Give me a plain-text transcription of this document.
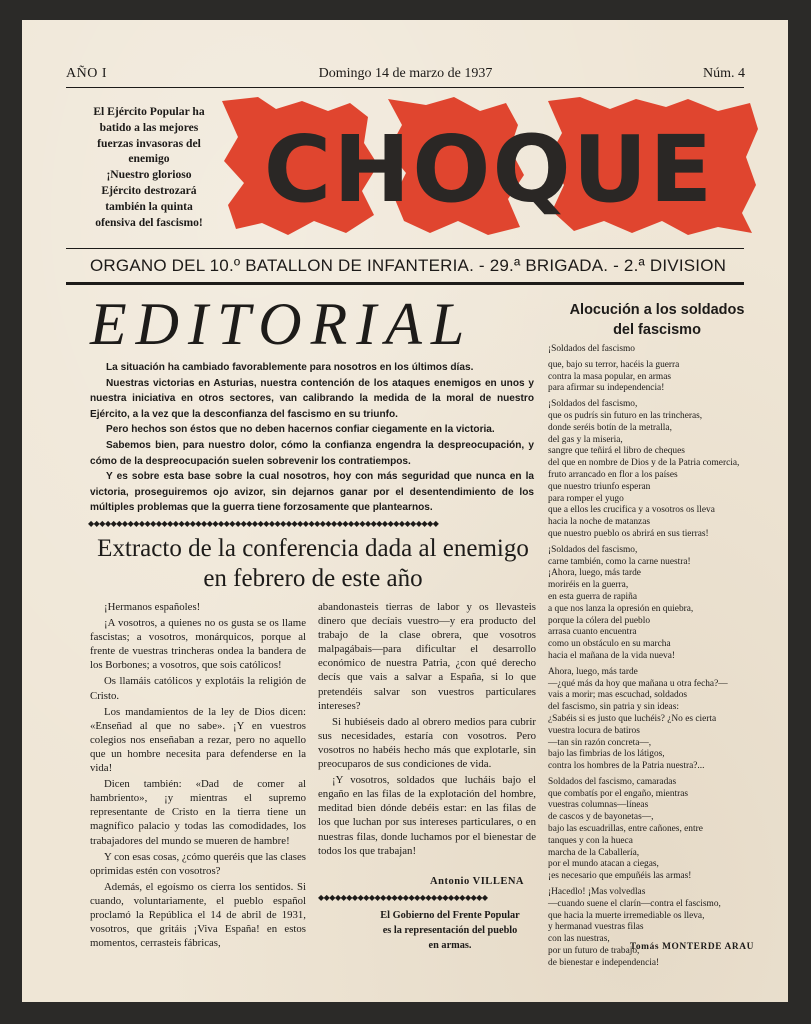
AÑO I	Domingo 14 de marzo de 1937	Núm. 4
El Ejército Popular ha
batido a las mejores
fuerzas invasoras del
enemigo
¡Nuestro glorioso
Ejército destrozará
también la quinta
ofensiva del fascismo! CHOQUE
ORGANO DEL 10.º BATALLON DE INFANTERIA. - 29.ª BRIGADA. - 2.ª DIVISION
EDITORIAL

La situación ha cambiado favorablemente para nosotros en los últimos días.

Nuestras victorias en Asturias, nuestra contención de los ataques enemigos en unos y nuestra iniciativa en otros sectores, van calibrando la medida de la moral de nuestro Ejército, a la vez que la desconfianza del fascismo en su triunfo.

Pero hechos son éstos que no deben hacernos confiar ciegamente en la victoria.

Sabemos bien, para nuestro dolor, cómo la confianza engendra la despreocupación, y cómo de la despreocupación suelen sobrevenir los contratiempos.

Y es sobre esta base sobre la cual nosotros, hoy con más seguridad que nunca en la victoria, proseguiremos ojo avizor, sin dejarnos ganar por el desentendimiento de los múltiples problemas que la guerra tiene forzosamente que plantearnos.

◆◆◆◆◆◆◆◆◆◆◆◆◆◆◆◆◆◆◆◆◆◆◆◆◆◆◆◆◆◆◆◆◆◆◆◆◆◆◆◆◆◆◆◆◆◆◆◆◆◆◆◆◆◆◆◆◆◆◆◆◆◆
Extracto de la conferencia dada al enemigo en febrero de este año

¡Hermanos españoles!

¡A vosotros, a quienes no os gusta se os llame fascistas; a vosotros, monárquicos, porque al frente de vuestras trincheras ondea la bandera de los Borbones; a vosotros, que sois católicos!

Os llamáis católicos y explotáis la religión de Cristo.

Los mandamientos de la ley de Dios dicen: «Enseñad al que no sabe». ¡Y en vuestros colegios nos enseñaban a rezar, pero no aquello que un hombre necesita para defenderse en la vida!

Dicen también: «Dad de comer al hambriento», ¡y mientras el supremo representante de Cristo en la tierra tiene un magnífico palacio y todas las comodidades, los trabajadores del mundo se mueren de hambre!

Y con esas cosas, ¿cómo queréis que las clases oprimidas estén con vosotros?

Además, el egoísmo os cierra los sentidos. Si cuando, voluntariamente, el pueblo español proclamó la República el 14 de abril de 1931, vosotros, que gritáis ¡Viva España! en estos momentos, cerrasteis fábricas,

abandonasteis tierras de labor y os llevasteis dinero que decíais vuestro—y era producto del trabajo de la clase obrera, que vosotros malpagábais—para dificultar el desarrollo económico de nuestra Patria, ¿con qué derecho decís que vais a salvar a España, si lo que pretendéis salvar son vuestros particulares intereses?

Si hubiéseis dado al obrero medios para cubrir sus necesidades, estaría con vosotros. Pero vosotros no habéis hecho más que explotarle, sin preocuparos de sus condiciones de vida.

¡Y vosotros, soldados que lucháis bajo el engaño en las filas de la explotación del hombre, meditad bien dónde debéis estar: en las filas de los que luchan por sus intereses particulares, o en nuestras filas, donde luchamos por el bienestar de todos los que trabajan!

Antonio VILLENA
◆◆◆◆◆◆◆◆◆◆◆◆◆◆◆◆◆◆◆◆◆◆◆◆◆◆◆◆◆◆
El Gobierno del Frente Popular
es la representación del pueblo
en armas.
Alocución a los soldados
del fascismo
¡Soldados del fascismo
que, bajo su terror, hacéis la guerra
contra la masa popular, en armas
para afirmar su independencia!
¡Soldados del fascismo,
que os pudrís sin futuro en las trincheras,
donde seréis botín de la metralla,
del gas y la miseria,
sangre que teñirá el libro de cheques
del que en nombre de Dios y de la Patria comercia,
fruto arrancado en flor a los países
que nuestro triunfo esperan
para romper el yugo
que a ellos les crucifica y a vosotros os lleva
hacia la noche de matanzas
que nuestro pueblo os abrirá en sus tierras!
¡Soldados del fascismo,
carne también, como la carne nuestra!
¡Ahora, luego, más tarde
moriréis en la guerra,
en esta guerra de rapiña
a que nos lanza la opresión en quiebra,
porque la cólera del pueblo
arrasa cuanto encuentra
como un obstáculo en su marcha
hacia el mañana de la vida nueva!
Ahora, luego, más tarde
—¿qué más da hoy que mañana u otra fecha?—
vais a morir; mas escuchad, soldados
del fascismo, sin patria y sin ideas:
¿Sabéis si es justo que luchéis? ¿No es cierta
vuestra locura de batiros
—tan sin razón concreta—,
bajo las fimbrias de los látigos,
contra los hombres de la Patria nuestra?...
Soldados del fascismo, camaradas
que combatís por el engaño, mientras
vuestras columnas—líneas
de cascos y de bayonetas—,
bajo las escuadrillas, entre cañones, entre
tanques y con la hueca
marcha de la Caballería,
por el mundo atacan a ciegas,
¡es necesario que empuñéis las armas!
¡Hacedlo! ¡Mas volvedlas
—cuando suene el clarín—contra el fascismo,
que hacia la muerte irremediable os lleva,
y hermanad vuestras filas
con las nuestras,
por un futuro de trabajo,
de bienestar e independencia!
Tomás MONTERDE ARAU
